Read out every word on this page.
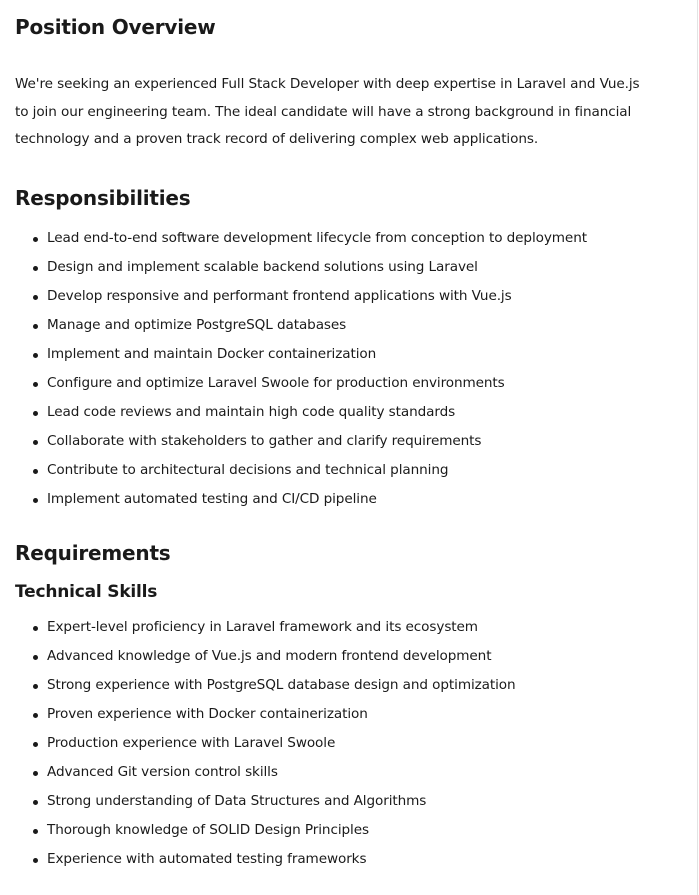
Position Overview

We're seeking an experienced Full Stack Developer with deep expertise in Laravel and Vue.js to join our engineering team. The ideal candidate will have a strong background in financial technology and a proven track record of delivering complex web applications.

Responsibilities
Lead end-to-end software development lifecycle from conception to deployment
Design and implement scalable backend solutions using Laravel
Develop responsive and performant frontend applications with Vue.js
Manage and optimize PostgreSQL databases
Implement and maintain Docker containerization
Configure and optimize Laravel Swoole for production environments
Lead code reviews and maintain high code quality standards
Collaborate with stakeholders to gather and clarify requirements
Contribute to architectural decisions and technical planning
Implement automated testing and CI/CD pipeline
Requirements
Technical Skills
Expert-level proficiency in Laravel framework and its ecosystem
Advanced knowledge of Vue.js and modern frontend development
Strong experience with PostgreSQL database design and optimization
Proven experience with Docker containerization
Production experience with Laravel Swoole
Advanced Git version control skills
Strong understanding of Data Structures and Algorithms
Thorough knowledge of SOLID Design Principles
Experience with automated testing frameworks
